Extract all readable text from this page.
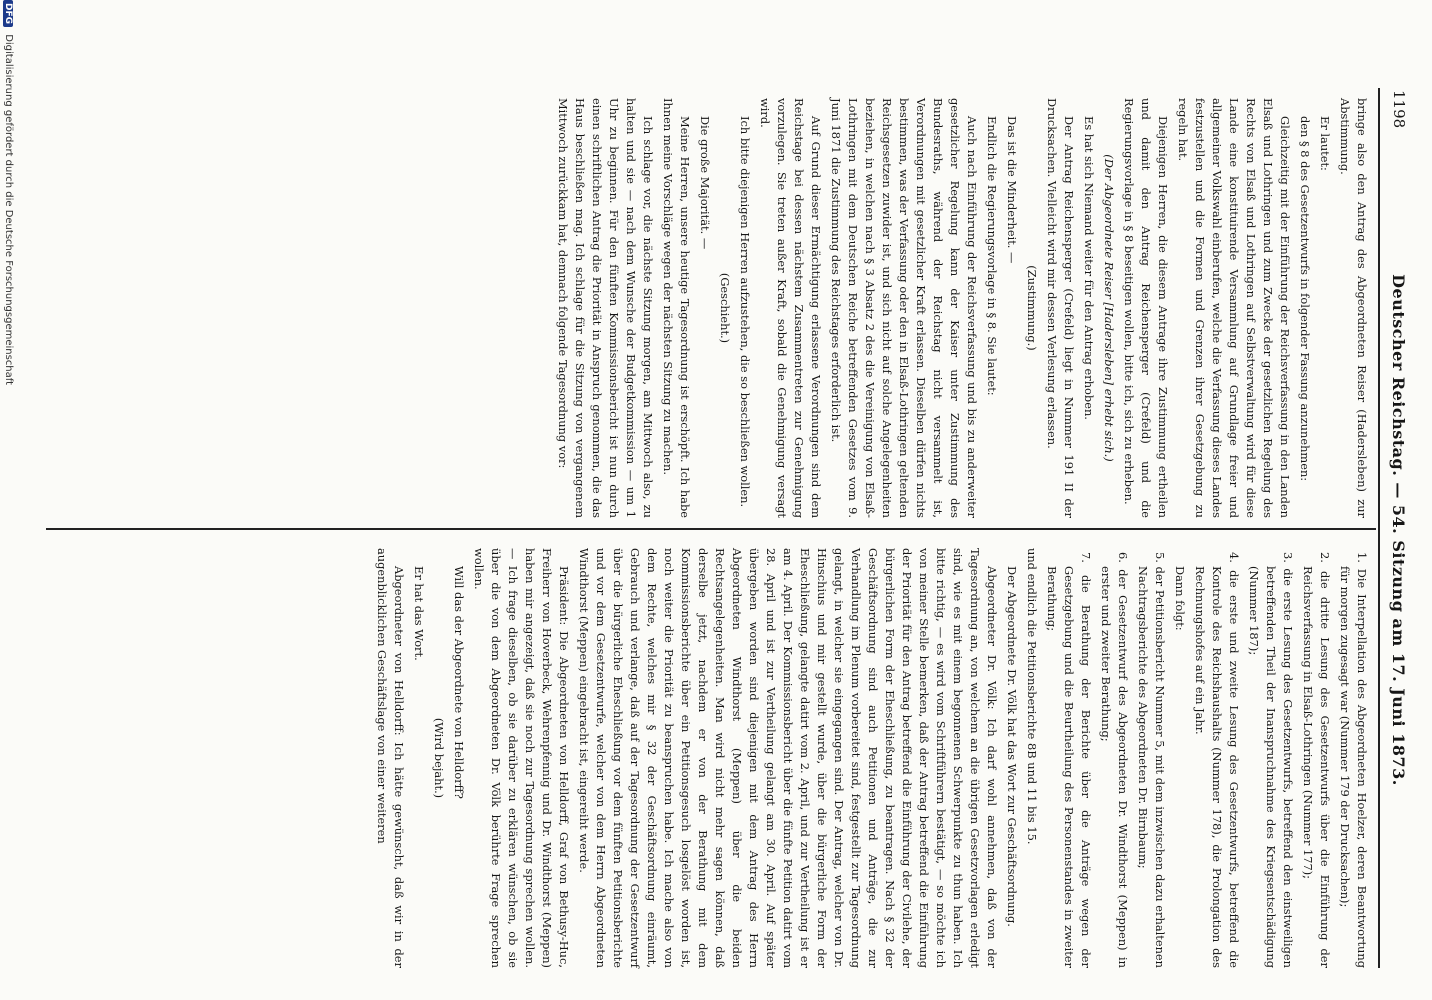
1198
Deutscher Reichstag. — 54. Sitzung am 17. Juni 1873.

bringe also den Antrag des Abgeordneten Reiser (Hadersleben) zur Abstimmung.

Er lautet:

den § 8 des Gesetzentwurfs in folgender Fassung anzunehmen:

Gleichzeitig mit der Einführung der Reichsverfassung in den Landen Elsaß und Lothringen und zum Zwecke der gesetzlichen Regelung des Rechts von Elsaß und Lothringen auf Selbstverwaltung wird für diese Lande eine konstituirende Versammlung auf Grundlage freier und allgemeiner Volkswahl einberufen, welche die Verfassung dieses Landes festzustellen und die Formen und Grenzen ihrer Gesetzgebung zu regeln hat.

Diejenigen Herren, die diesem Antrage ihre Zustimmung ertheilen und damit den Antrag Reichensperger (Crefeld) und die Regierungsvorlage in § 8 beseitigen wollen, bitte ich, sich zu erheben.

(Der Abgeordnete Reiser [Hadersleben] erhebt sich.)

Es hat sich Niemand weiter für den Antrag erhoben.

Der Antrag Reichensperger (Crefeld) liegt in Nummer 191 II der Drucksachen. Vielleicht wird mir dessen Verlesung erlassen.

(Zustimmung.)

Das ist die Minderheit. —

Endlich die Regierungsvorlage in § 8. Sie lautet:

Auch nach Einführung der Reichsverfassung und bis zu anderweiter gesetzlicher Regelung kann der Kaiser unter Zustimmung des Bundesraths, während der Reichstag nicht versammelt ist, Verordnungen mit gesetzlicher Kraft erlassen. Dieselben dürfen nichts bestimmen, was der Verfassung oder den in Elsaß-Lothringen geltenden Reichsgesetzen zuwider ist, und sich nicht auf solche Angelegenheiten beziehen, in welchen nach § 3 Absatz 2 des die Vereinigung von Elsaß-Lothringen mit dem Deutschen Reiche betreffenden Gesetzes vom 9. Juni 1871 die Zustimmung des Reichstages erforderlich ist.

Auf Grund dieser Ermächtigung erlassene Verordnungen sind dem Reichstage bei dessen nächstem Zusammentreten zur Genehmigung vorzulegen. Sie treten außer Kraft, sobald die Genehmigung versagt wird.

Ich bitte diejenigen Herren aufzustehen, die so beschließen wollen.

(Geschieht.)

Die große Majorität. —

Meine Herren, unsere heutige Tagesordnung ist erschöpft. Ich habe Ihnen meine Vorschläge wegen der nächsten Sitzung zu machen.

Ich schlage vor, die nächste Sitzung morgen, am Mittwoch also, zu halten und sie — nach dem Wunsche der Budgetkommission — um 1 Uhr zu beginnen. Für den fünften Kommissionsbericht ist nun durch einen schriftlichen Antrag die Priorität in Anspruch genommen, die das Haus beschließen mag. Ich schlage für die Sitzung von vergangenem Mittwoch zurückkam hat, demnach folgende Tagesordnung vor:

1. Die Interpellation des Abgeordneten Hoelzer, deren Beantwortung für morgen zugesagt war (Nummer 179 der Drucksachen);

2. die dritte Lesung des Gesetzentwurfs über die Einführung der Reichsverfassung in Elsaß-Lothringen (Nummer 177);

3. die erste Lesung des Gesetzentwurfs, betreffend den einstweiligen betreffenden Theil der Inanspruchnahme des Kriegsentschädigung (Nummer 187);

4. die erste und zweite Lesung des Gesetzentwurfs, betreffend die Kontrole des Reichshaushalts (Nummer 178), die Prolongation des Rechnungshofes auf ein Jahr.

Dann folgt:

5. der Petitionsbericht Nummer 5, mit dem inzwischen dazu erhaltenen Nachtragsberichte des Abgeordneten Dr. Birnbaum;

6. der Gesetzentwurf des Abgeordneten Dr. Windthorst (Meppen) in erster und zweiter Berathung;

7. die Berathung der Berichte über die Anträge wegen der Gesetzgebung und die Beurtheilung des Personenstandes in zweiter Berathung;

und endlich die Petitionsberichte 8B und 11 bis 15.

Der Abgeordnete Dr. Völk hat das Wort zur Geschäftsordnung.

Abgeordneter Dr. Völk: Ich darf wohl annehmen, daß von der Tagesordnung an, von welchem an die übrigen Gesetzvorlagen erledigt sind, wie es mit einem begonnenen Schwerpunkte zu thun haben. Ich bitte richtig, — es wird vom Schriftführern bestätigt, — so möchte ich von meiner Stelle bemerken, daß der Antrag betreffend die Einführung der Priorität für den Antrag betreffend die Einführung der Civilehe, der bürgerlichen Form der Eheschließung, zu beantragen. Nach § 32 der Geschäftsordnung sind auch Petitionen und Anträge, die zur Verhandlung im Plenum vorbereitet sind, festgestellt zur Tagesordnung gelangt, in welcher sie eingegangen sind. Der Antrag, welcher von Dr. Hinschius und mir gestellt wurde, über die bürgerliche Form der Eheschließung, gelangte datirt vom 2. April, und zur Vertheilung ist er am 4. April. Der Kommissionsbericht über die fünfte Petition datirt vom 28. April und ist zur Vertheilung gelangt am 30. April. Auf später übergeben worden sind diejenigen mit dem Antrag des Herrn Abgeordneten Windthorst (Meppen) über die beiden Rechtsangelegenheiten. Man wird nicht mehr sagen können, daß derselbe jetzt, nachdem er von der Berathung mit dem Kommissionsberichte über ein Petitionsgesuch losgelöst worden ist, noch weiter die Priorität zu beanspruchen habe. Ich mache also von dem Rechte, welches mir § 32 der Geschäftsordnung einräumt, Gebrauch und verlange, daß auf der Tagesordnung der Gesetzentwurf über die bürgerliche Eheschließung vor dem fünften Petitionsberichte und vor dem Gesetzentwurfe, welcher von dem Herrn Abgeordneten Windthorst (Meppen) eingebracht ist, eingereiht werde.

Präsident: Die Abgeordneten von Helldorff, Graf von Bethusy-Huc, Freiherr von Hoverbeck, Wehrenpfennig und Dr. Windthorst (Meppen) haben mir angezeigt, daß sie noch zur Tagesordnung sprechen wollen. — Ich frage dieselben, ob sie darüber zu erklären wünschen, ob sie über die von dem Abgeordneten Dr. Völk berührte Frage sprechen wollen.

Will das der Abgeordnete von Helldorff?

(Wird bejaht.)

Er hat das Wort.

Abgeordneter von Helldorff: Ich hätte gewünscht, daß wir in der augenblicklichen Geschäftslage von einer weiteren

DFG Digitalisierung gefördert durch die Deutsche Forschungsgemeinschaft
